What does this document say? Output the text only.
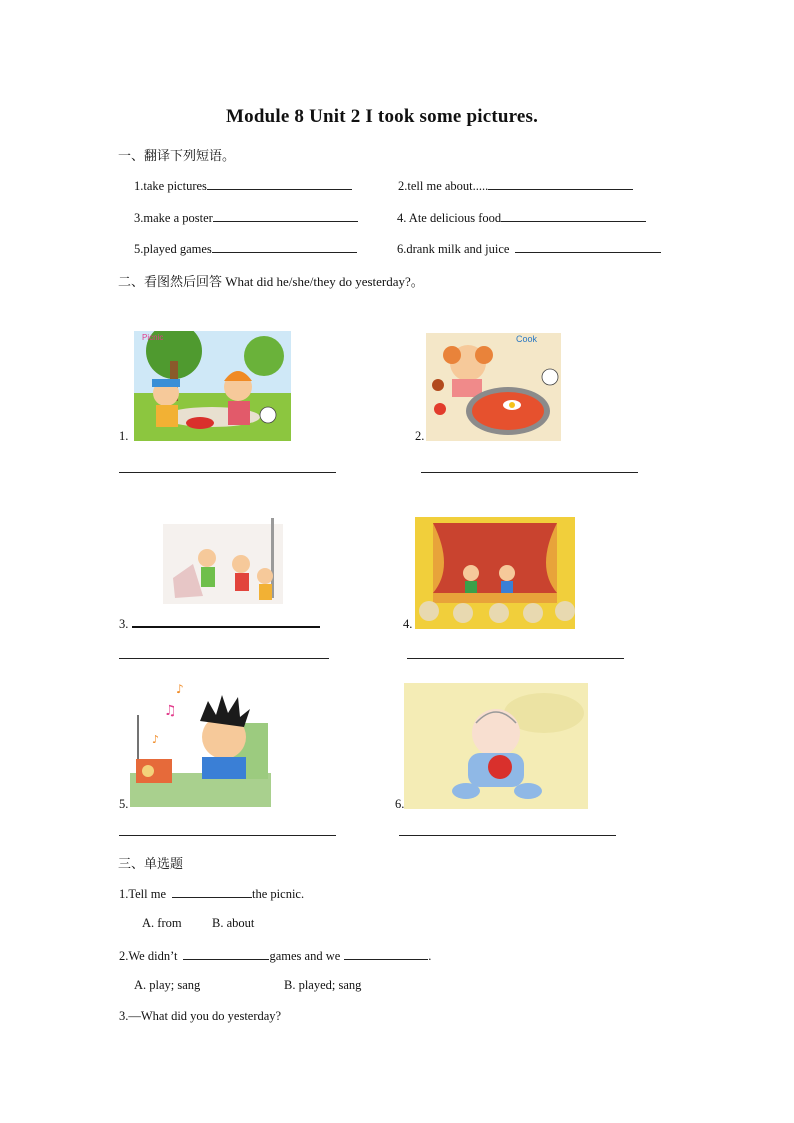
Module 8 Unit 2 I took some pictures.
一、翻译下列短语。
1.take pictures	2.tell me about.....
3.make a poster	4. Ate delicious food
5.played games	6.drank milk and juice
二、看图然后回答 What did he/she/they do yesterday?。
1.
Picnic	Cook
2.
3.	4.
♫
♪
♪
5.	6.
三、单选题
1.Tell me	the picnic.
A. from B. about
2.We didn’t	games and we	.
A. play; sang	B. played; sang
3.—What did you do yesterday?
